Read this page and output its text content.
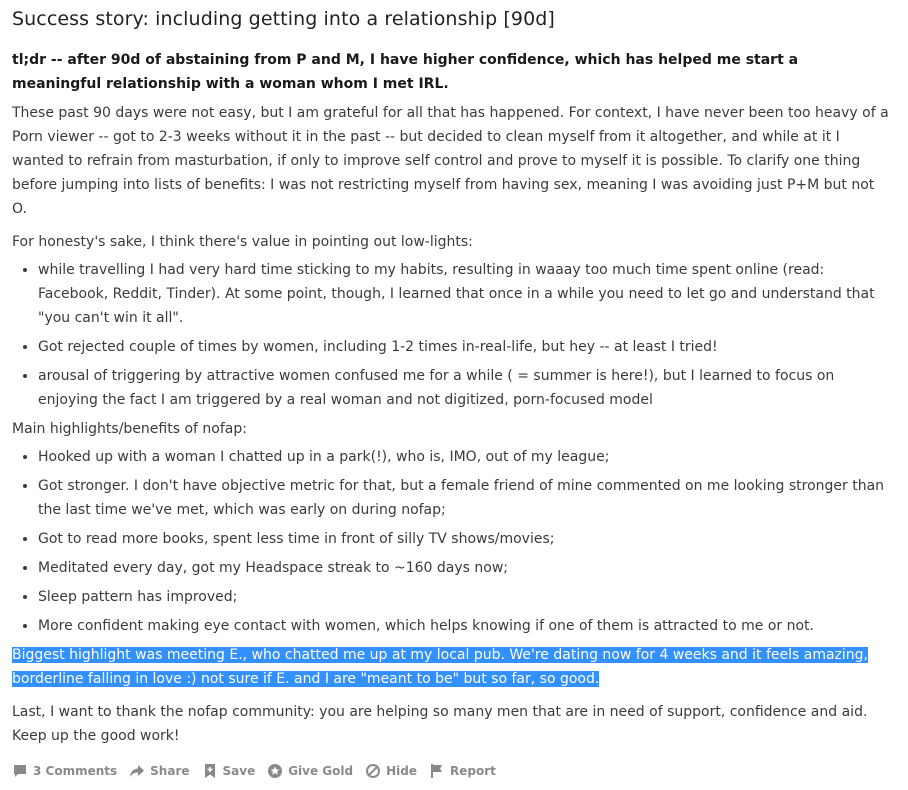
Success story: including getting into a relationship [90d]

tl;dr -- after 90d of abstaining from P and M, I have higher confidence, which has helped me start a meaningful relationship with a woman whom I met IRL.

These past 90 days were not easy, but I am grateful for all that has happened. For context, I have never been too heavy of a Porn viewer -- got to 2-3 weeks without it in the past -- but decided to clean myself from it altogether, and while at it I wanted to refrain from masturbation, if only to improve self control and prove to myself it is possible. To clarify one thing before jumping into lists of benefits: I was not restricting myself from having sex, meaning I was avoiding just P+M but not O.

For honesty's sake, I think there's value in pointing out low-lights:

• while travelling I had very hard time sticking to my habits, resulting in waaay too much time spent online (read: Facebook, Reddit, Tinder). At some point, though, I learned that once in a while you need to let go and understand that "you can't win it all".
• Got rejected couple of times by women, including 1-2 times in-real-life, but hey -- at least I tried!
• arousal of triggering by attractive women confused me for a while ( = summer is here!), but I learned to focus on enjoying the fact I am triggered by a real woman and not digitized, porn-focused model

Main highlights/benefits of nofap:

• Hooked up with a woman I chatted up in a park(!), who is, IMO, out of my league;
• Got stronger. I don't have objective metric for that, but a female friend of mine commented on me looking stronger than the last time we've met, which was early on during nofap;
• Got to read more books, spent less time in front of silly TV shows/movies;
• Meditated every day, got my Headspace streak to ~160 days now;
• Sleep pattern has improved;
• More confident making eye contact with women, which helps knowing if one of them is attracted to me or not.

Biggest highlight was meeting E., who chatted me up at my local pub. We're dating now for 4 weeks and it feels amazing, borderline falling in love :) not sure if E. and I are "meant to be" but so far, so good.

Last, I want to thank the nofap community: you are helping so many men that are in need of support, confidence and aid. Keep up the good work!

3 Comments	Share	Save	Give Gold	Hide	Report
